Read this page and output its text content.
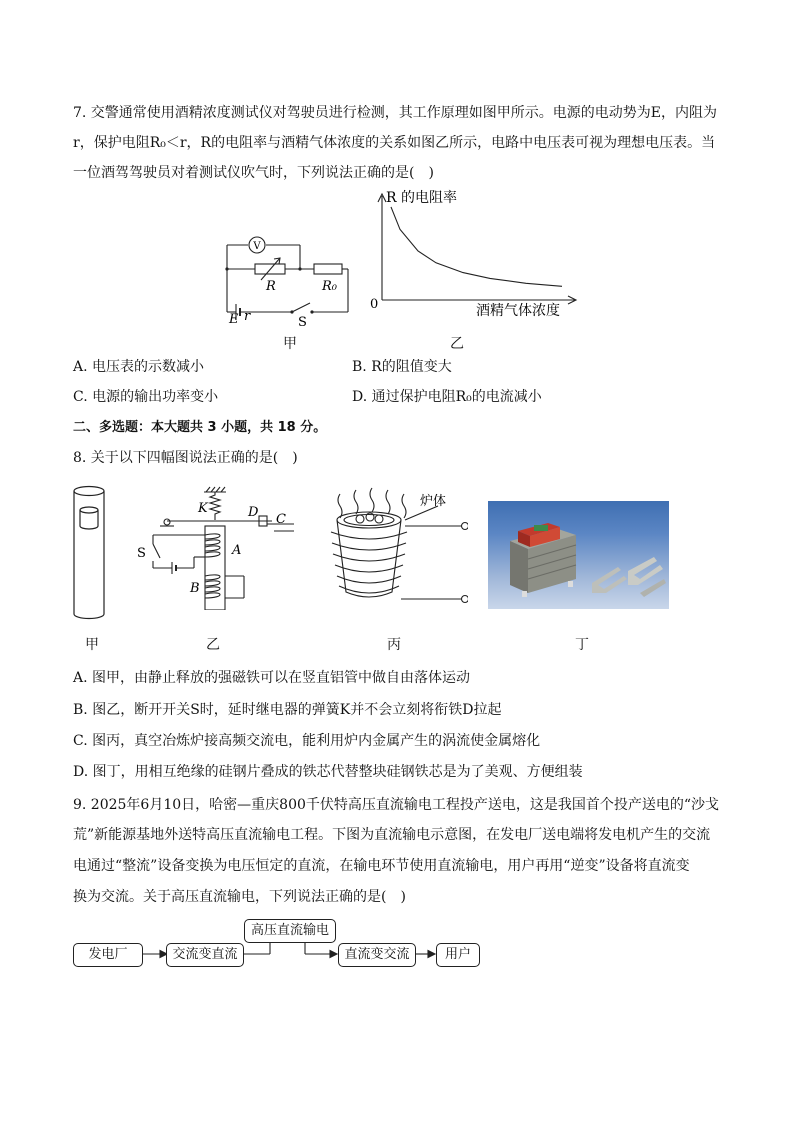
7. 交警通常使用酒精浓度测试仪对驾驶员进行检测，其工作原理如图甲所示。电源的电动势为E，内阻为
r，保护电阻R₀＜r，R的电阻率与酒精气体浓度的关系如图乙所示，电路中电压表可视为理想电压表。当
一位酒驾驾驶员对着测试仪吹气时，下列说法正确的是(　)
V
R	R₀
E r	S
甲
R 的电阻率
0	酒精气体浓度
乙
A. 电压表的示数减小	B. R的阻值变大
C. 电源的输出功率变小	D. 通过保护电阻R₀的电流减小
二、多选题：本大题共 3 小题，共 18 分。
8. 关于以下四幅图说法正确的是(　)
甲
K	D C
S	A
B
乙
炉体
丙	丁
A. 图甲，由静止释放的强磁铁可以在竖直铝管中做自由落体运动
B. 图乙，断开开关S时，延时继电器的弹簧K并不会立刻将衔铁D拉起
C. 图丙，真空冶炼炉接高频交流电，能利用炉内金属产生的涡流使金属熔化
D. 图丁，用相互绝缘的硅钢片叠成的铁芯代替整块硅钢铁芯是为了美观、方便组装
9. 2025年6月10日，哈密—重庆800千伏特高压直流输电工程投产送电，这是我国首个投产送电的“沙戈
荒”新能源基地外送特高压直流输电工程。下图为直流输电示意图，在发电厂送电端将发电机产生的交流
电通过“整流”设备变换为电压恒定的直流，在输电环节使用直流输电，用户再用“逆变”设备将直流变
换为交流。关于高压直流输电，下列说法正确的是(　)
发电厂	交流变直流
高压直流输电
直流变交流	用户
